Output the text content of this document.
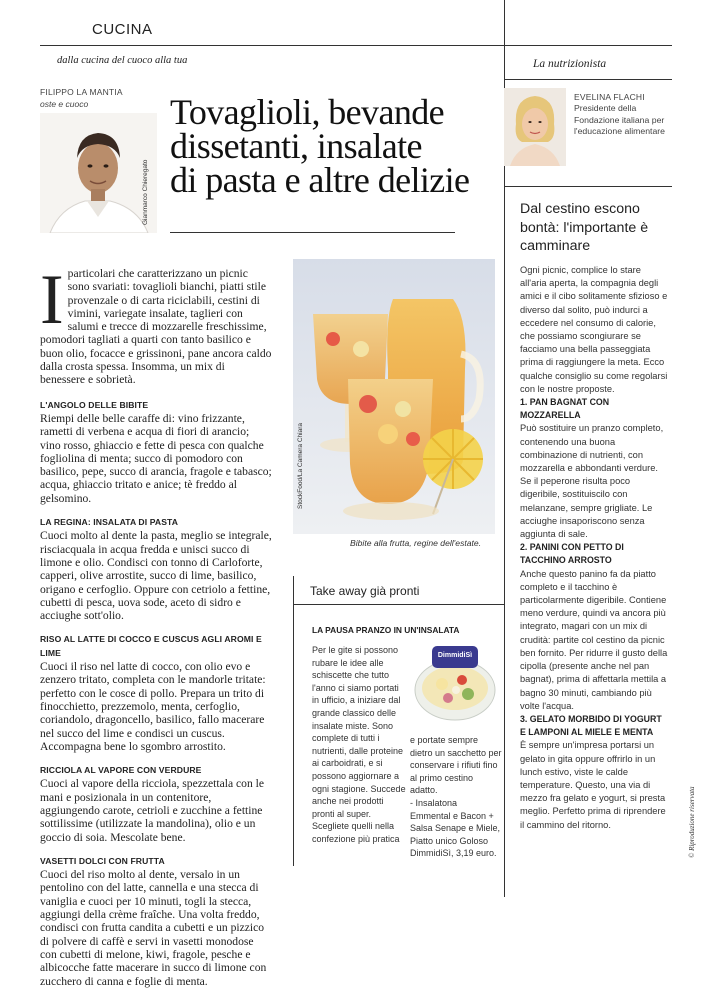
CUCINA
dalla cucina del cuoco alla tua	La nutrizionista
FILIPPO LA MANTIA
oste e cuoco
Gianmarco Chieregato
Tovaglioli, bevande
dissetanti, insalate
di pasta e altre delizie
Iparticolari che caratterizzano un picnic sono svariati: tovaglioli bianchi, piatti stile provenzale o di carta riciclabili, cestini di vimini, variegate insalate, taglieri con salumi e trecce di mozzarelle freschissime, pomodori tagliati a quarti con tanto basilico e buon olio, focacce e grissinoni, pane ancora caldo dalla crosta spessa. Insomma, un mix di benessere e sobrietà.
L'ANGOLO DELLE BIBITE
Riempi delle belle caraffe di: vino frizzante, rametti di verbena e acqua di fiori di arancio; vino rosso, ghiaccio e fette di pesca con qualche fogliolina di menta; succo di pomodoro con basilico, pepe, succo di arancia, fragole e tabasco; acqua, ghiaccio tritato e anice; tè freddo al gelsomino.
LA REGINA: INSALATA DI PASTA
Cuoci molto al dente la pasta, meglio se integrale, risciacquala in acqua fredda e unisci succo di limone e olio. Condisci con tonno di Carloforte, capperi, olive arrostite, succo di lime, basilico, origano e cerfoglio. Oppure con cetriolo a fettine, cubetti di pesca, uova sode, aceto di sidro e acciughe sott'olio.
RISO AL LATTE DI COCCO E CUSCUS AGLI AROMI E LIME
Cuoci il riso nel latte di cocco, con olio evo e zenzero tritato, completa con le mandorle tritate: perfetto con le cosce di pollo. Prepara un trito di finocchietto, prezzemolo, menta, cerfoglio, coriandolo, dragoncello, basilico, fallo macerare nel succo del lime e condisci un cuscus. Accompagna bene lo sgombro arrostito.
RICCIOLA AL VAPORE CON VERDURE
Cuoci al vapore della ricciola, spezzettala con le mani e posizionala in un contenitore, aggiungendo carote, cetrioli e zucchine a fettine sottilissime (utilizzate la mandolina), olio e un goccio di soia. Mescolate bene.
VASETTI DOLCI CON FRUTTA
Cuoci del riso molto al dente, versalo in un pentolino con del latte, cannella e una stecca di vaniglia e cuoci per 10 minuti, togli la stecca, aggiungi della crème fraîche. Una volta freddo, condisci con frutta candita a cubetti e un pizzico di polvere di caffè e servi in vasetti monodose con cubetti di melone, kiwi, fragole, pesche e albicocche fatte macerare in succo di limone con zucchero di canna e foglie di menta.
StockFood/La Camera Chiara
Bibite alla frutta, regine dell'estate.
Take away già pronti
LA PAUSA PRANZO IN UN'INSALATA
Per le gite si possono rubare le idee alle schiscette che tutto l'anno ci siamo portati in ufficio, a iniziare dal grande classico delle insalate miste. Sono complete di tutti i nutrienti, dalle proteine ai carboidrati, e si possono aggiornare a ogni stagione. Succede anche nei prodotti pronti al super. Scegliete quelli nella confezione più pratica
DimmidiSì
e portate sempre dietro un sacchetto per conservare i rifiuti fino al primo cestino adatto.
- Insalatona
Emmental e Bacon + Salsa Senape e Miele,
Piatto unico Goloso DimmidiSì, 3,19 euro.
EVELINA FLACHI
Presidente della Fondazione italiana per l'educazione alimentare
Dal cestino escono bontà: l'importante è camminare
Ogni picnic, complice lo stare all'aria aperta, la compagnia degli amici e il cibo solitamente sfizioso e diverso dal solito, può indurci a eccedere nel consumo di calorie, che possiamo scongiurare se facciamo una bella passeggiata prima di raggiungere la meta. Ecco qualche consiglio su come regolarsi con le nostre proposte.
1. PAN BAGNAT CON MOZZARELLA
Può sostituire un pranzo completo, contenendo una buona combinazione di nutrienti, con mozzarella e abbondanti verdure. Se il peperone risulta poco digeribile, sostituiscilo con melanzane, sempre grigliate. Le acciughe insaporiscono senza aggiunta di sale.
2. PANINI CON PETTO DI TACCHINO ARROSTO
Anche questo panino fa da piatto completo e il tacchino è particolarmente digeribile. Contiene meno verdure, quindi va ancora più integrato, magari con un mix di crudità: partite col cestino da picnic ben fornito. Per ridurre il gusto della cipolla (presente anche nel pan bagnat), prima di affettarla mettila a bagno 30 minuti, cambiando più volte l'acqua.
3. GELATO MORBIDO DI YOGURT E LAMPONI AL MIELE E MENTA
È sempre un'impresa portarsi un gelato in gita oppure offrirlo in un lunch estivo, viste le calde temperature. Questo, una via di mezzo fra gelato e yogurt, si presta meglio. Perfetto prima di riprendere il cammino del ritorno.	© Riproduzione riservata
